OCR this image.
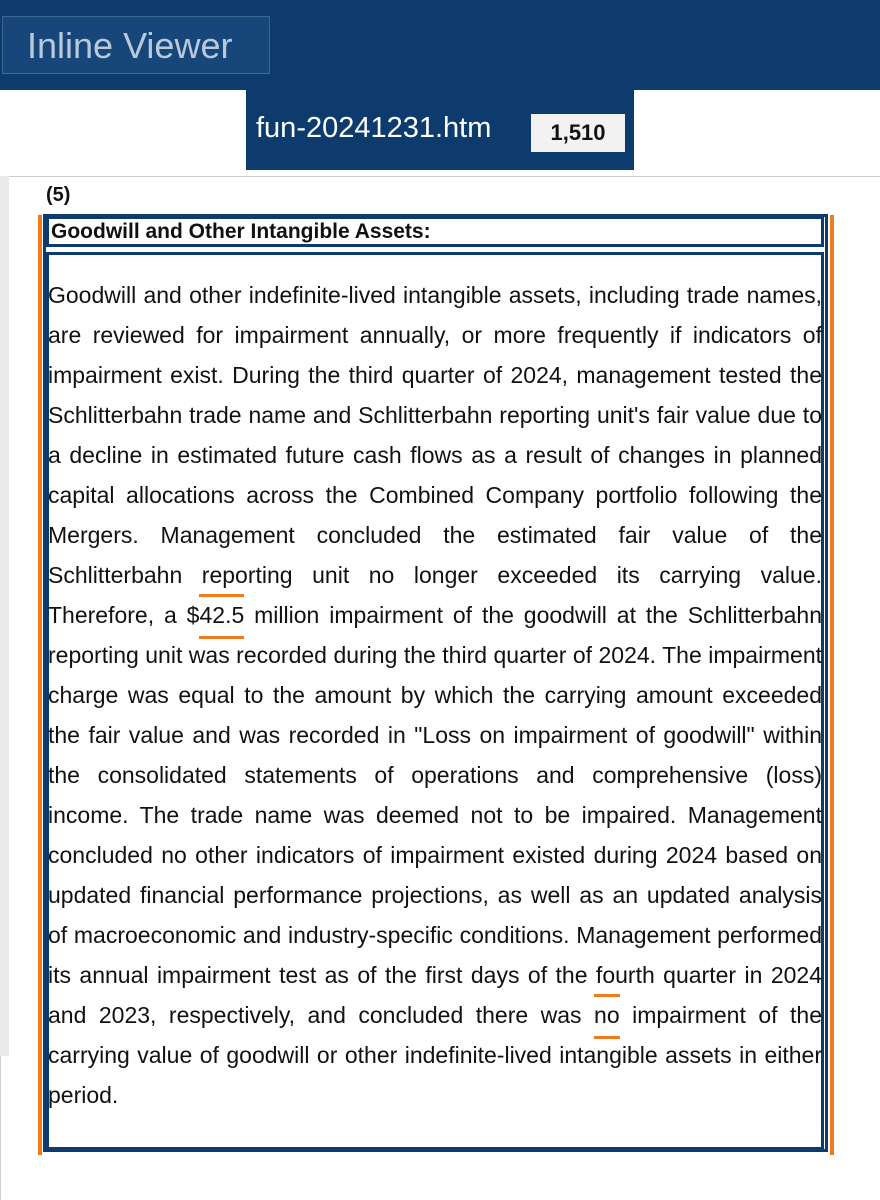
Inline Viewer
fun-20241231.htm	1,510
(5)
Goodwill and Other Intangible Assets:

Goodwill and other indefinite-lived intangible assets, including trade names, are reviewed for impairment annually, or more frequently if indicators of impairment exist. During the third quarter of 2024, management tested the Schlitterbahn trade name and Schlitterbahn reporting unit's fair value due to a decline in estimated future cash flows as a result of changes in planned capital allocations across the Combined Company portfolio following the Mergers. Management concluded the estimated fair value of the Schlitterbahn reporting unit no longer exceeded its carrying value. Therefore, a $42.5 million impairment of the goodwill at the Schlitterbahn reporting unit was recorded during the third quarter of 2024. The impairment charge was equal to the amount by which the carrying amount exceeded the fair value and was recorded in "Loss on impairment of goodwill" within the consolidated statements of operations and comprehensive (loss) income. The trade name was deemed not to be impaired. Management concluded no other indicators of impairment existed during 2024 based on updated financial performance projections, as well as an updated analysis of macroeconomic and industry-specific conditions. Management performed its annual impairment test as of the first days of the fourth quarter in 2024 and 2023, respectively, and concluded there was no impairment of the carrying value of goodwill or other indefinite-lived intangible assets in either period.
